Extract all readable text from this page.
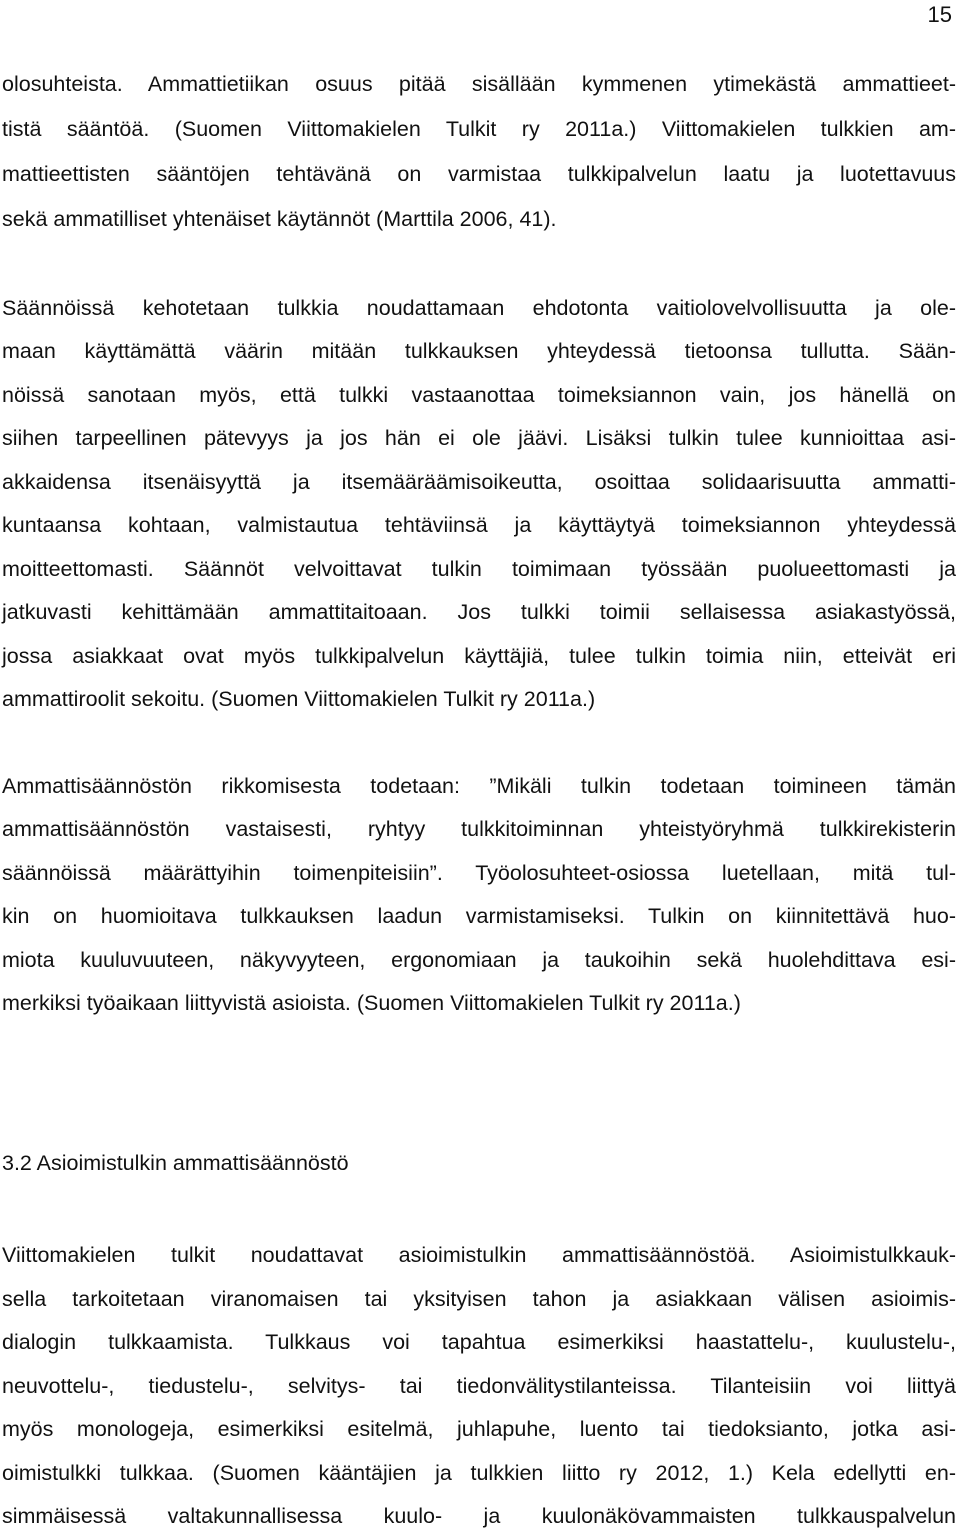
15
olosuhteista. Ammattietiikan osuus pitää sisällään kymmenen ytimekästä ammattieet-
tistä sääntöä. (Suomen Viittomakielen Tulkit ry 2011a.) Viittomakielen tulkkien am-
mattieettisten sääntöjen tehtävänä on varmistaa tulkkipalvelun laatu ja luotettavuus
sekä ammatilliset yhtenäiset käytännöt (Marttila 2006, 41).
Säännöissä kehotetaan tulkkia noudattamaan ehdotonta vaitiolovelvollisuutta ja ole-
maan käyttämättä väärin mitään tulkkauksen yhteydessä tietoonsa tullutta. Sään-
nöissä sanotaan myös, että tulkki vastaanottaa toimeksiannon vain, jos hänellä on
siihen tarpeellinen pätevyys ja jos hän ei ole jäävi. Lisäksi tulkin tulee kunnioittaa asi-
akkaidensa itsenäisyyttä ja itsemääräämisoikeutta, osoittaa solidaarisuutta ammatti-
kuntaansa kohtaan, valmistautua tehtäviinsä ja käyttäytyä toimeksiannon yhteydessä
moitteettomasti. Säännöt velvoittavat tulkin toimimaan työssään puolueettomasti ja
jatkuvasti kehittämään ammattitaitoaan. Jos tulkki toimii sellaisessa asiakastyössä,
jossa asiakkaat ovat myös tulkkipalvelun käyttäjiä, tulee tulkin toimia niin, etteivät eri
ammattiroolit sekoitu. (Suomen Viittomakielen Tulkit ry 2011a.)
Ammattisäännöstön rikkomisesta todetaan: ”Mikäli tulkin todetaan toimineen tämän
ammattisäännöstön vastaisesti, ryhtyy tulkkitoiminnan yhteistyöryhmä tulkkirekisterin
säännöissä määrättyihin toimenpiteisiin”. Työolosuhteet-osiossa luetellaan, mitä tul-
kin on huomioitava tulkkauksen laadun varmistamiseksi. Tulkin on kiinnitettävä huo-
miota kuuluvuuteen, näkyvyyteen, ergonomiaan ja taukoihin sekä huolehdittava esi-
merkiksi työaikaan liittyvistä asioista. (Suomen Viittomakielen Tulkit ry 2011a.)
3.2 Asioimistulkin ammattisäännöstö
Viittomakielen tulkit noudattavat asioimistulkin ammattisäännöstöä. Asioimistulkkauk-
sella tarkoitetaan viranomaisen tai yksityisen tahon ja asiakkaan välisen asioimis-
dialogin tulkkaamista. Tulkkaus voi tapahtua esimerkiksi haastattelu-, kuulustelu-,
neuvottelu-, tiedustelu-, selvitys- tai tiedonvälitystilanteissa. Tilanteisiin voi liittyä
myös monologeja, esimerkiksi esitelmä, juhlapuhe, luento tai tiedoksianto, jotka asi-
oimistulkki tulkkaa. (Suomen kääntäjien ja tulkkien liitto ry 2012, 1.) Kela edellytti en-
simmäisessä valtakunnallisessa kuulo- ja kuulonäkövammaisten tulkkauspalvelun
